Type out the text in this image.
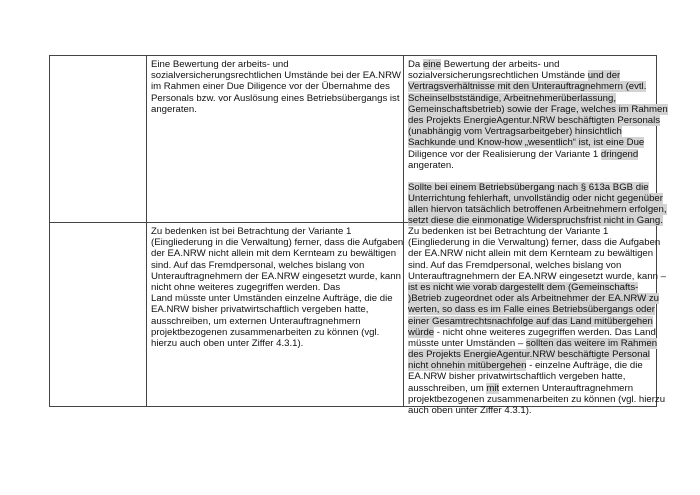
Eine Bewertung der arbeits- und
sozialversicherungsrechtlichen Umstände bei der EA.NRW
im Rahmen einer Due Diligence vor der Übernahme des
Personals bzw. vor Auslösung eines Betriebsübergangs ist
angeraten.
Da eine Bewertung der arbeits- und
sozialversicherungsrechtlichen Umstände und der
Vertragsverhältnisse mit den Unterauftragnehmern (evtl.
Scheinselbstständige, Arbeitnehmerüberlassung,
Gemeinschaftsbetrieb) sowie der Frage, welches im Rahmen
des Projekts EnergieAgentur.NRW beschäftigten Personals
(unabhängig vom Vertragsarbeitgeber) hinsichtlich
Sachkunde und Know-how „wesentlich“ ist, ist eine Due
Diligence vor der Realisierung der Variante 1 dringend
angeraten.
Sollte bei einem Betriebsübergang nach § 613a BGB die
Unterrichtung fehlerhaft, unvollständig oder nicht gegenüber
allen hiervon tatsächlich betroffenen Arbeitnehmern erfolgen,
setzt diese die einmonatige Widerspruchsfrist nicht in Gang.
Zu bedenken ist bei Betrachtung der Variante 1
(Eingliederung in die Verwaltung) ferner, dass die Aufgaben
der EA.NRW nicht allein mit dem Kernteam zu bewältigen
sind. Auf das Fremdpersonal, welches bislang von
Unterauftragnehmern der EA.NRW eingesetzt wurde, kann
nicht ohne weiteres zugegriffen werden. Das
Land müsste unter Umständen einzelne Aufträge, die die
EA.NRW bisher privatwirtschaftlich vergeben hatte,
ausschreiben, um externen Unterauftragnehmern
projektbezogenen zusammenarbeiten zu können (vgl.
hierzu auch oben unter Ziffer 4.3.1).
Zu bedenken ist bei Betrachtung der Variante 1
(Eingliederung in die Verwaltung) ferner, dass die Aufgaben
der EA.NRW nicht allein mit dem Kernteam zu bewältigen
sind. Auf das Fremdpersonal, welches bislang von
Unterauftragnehmern der EA.NRW eingesetzt wurde, kann –
ist es nicht wie vorab dargestellt dem (Gemeinschafts-
)Betrieb zugeordnet oder als Arbeitnehmer der EA.NRW zu
werten, so dass es im Falle eines Betriebsübergangs oder
einer Gesamtrechtsnachfolge auf das Land mitübergehen
würde - nicht ohne weiteres zugegriffen werden. Das Land
müsste unter Umständen – sollten das weitere im Rahmen
des Projekts EnergieAgentur.NRW beschäftigte Personal
nicht ohnehin mitübergehen - einzelne Aufträge, die die
EA.NRW bisher privatwirtschaftlich vergeben hatte,
ausschreiben, um mit externen Unterauftragnehmern
projektbezogenen zusammenarbeiten zu können (vgl. hierzu
auch oben unter Ziffer 4.3.1).
